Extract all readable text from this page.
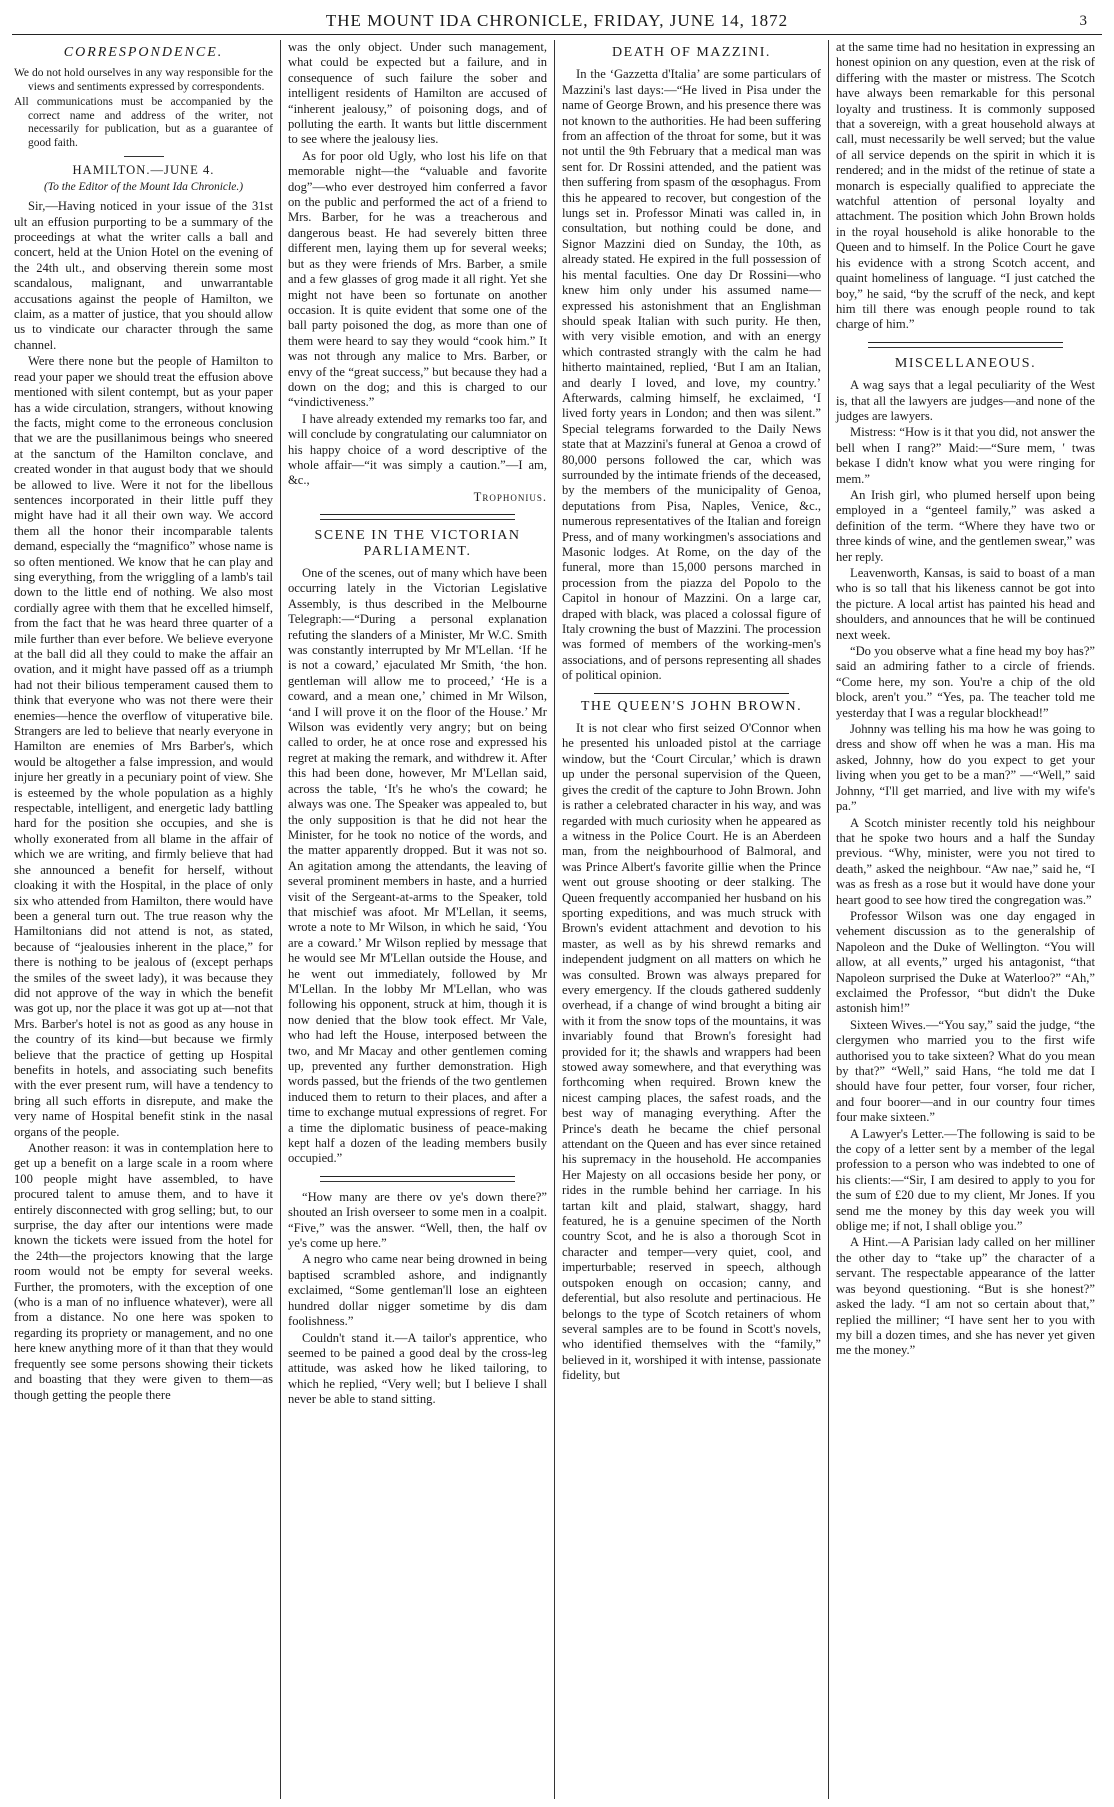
THE MOUNT IDA CHRONICLE, FRIDAY, JUNE 14, 1872	3
CORRESPONDENCE.

We do not hold ourselves in any way responsible for the views and sentiments expressed by correspondents.

All communications must be accompanied by the correct name and address of the writer, not necessarily for publication, but as a guarantee of good faith.

HAMILTON.—JUNE 4.

(To the Editor of the Mount Ida Chronicle.)

Sir,—Having noticed in your issue of the 31st ult an effusion purporting to be a summary of the proceedings at what the writer calls a ball and concert, held at the Union Hotel on the evening of the 24th ult., and observing therein some most scandalous, malignant, and unwarrantable accusations against the people of Hamilton, we claim, as a matter of justice, that you should allow us to vindicate our character through the same channel.

Were there none but the people of Hamilton to read your paper we should treat the effusion above mentioned with silent contempt, but as your paper has a wide circulation, strangers, without knowing the facts, might come to the erroneous conclusion that we are the pusillanimous beings who sneered at the sanctum of the Hamilton conclave, and created wonder in that august body that we should be allowed to live. Were it not for the libellous sentences incorporated in their little puff they might have had it all their own way. We accord them all the honor their incomparable talents demand, especially the “magnifico” whose name is so often mentioned. We know that he can play and sing everything, from the wriggling of a lamb's tail down to the little end of nothing. We also most cordially agree with them that he excelled himself, from the fact that he was heard three quarter of a mile further than ever before. We believe everyone at the ball did all they could to make the affair an ovation, and it might have passed off as a triumph had not their bilious temperament caused them to think that everyone who was not there were their enemies—hence the overflow of vituperative bile. Strangers are led to believe that nearly everyone in Hamilton are enemies of Mrs Barber's, which would be altogether a false impression, and would injure her greatly in a pecuniary point of view. She is esteemed by the whole population as a highly respectable, intelligent, and energetic lady battling hard for the position she occupies, and she is wholly exonerated from all blame in the affair of which we are writing, and firmly believe that had she announced a benefit for herself, without cloaking it with the Hospital, in the place of only six who attended from Hamilton, there would have been a general turn out. The true reason why the Hamiltonians did not attend is not, as stated, because of “jealousies inherent in the place,” for there is nothing to be jealous of (except perhaps the smiles of the sweet lady), it was because they did not approve of the way in which the benefit was got up, nor the place it was got up at—not that Mrs. Barber's hotel is not as good as any house in the country of its kind—but because we firmly believe that the practice of getting up Hospital benefits in hotels, and associating such benefits with the ever present rum, will have a tendency to bring all such efforts in disrepute, and make the very name of Hospital benefit stink in the nasal organs of the people.

Another reason: it was in contemplation here to get up a benefit on a large scale in a room where 100 people might have assembled, to have procured talent to amuse them, and to have it entirely disconnected with grog selling; but, to our surprise, the day after our intentions were made known the tickets were issued from the hotel for the 24th—the projectors knowing that the large room would not be empty for several weeks. Further, the promoters, with the exception of one (who is a man of no influence whatever), were all from a distance. No one here was spoken to regarding its propriety or management, and no one here knew anything more of it than that they would frequently see some persons showing their tickets and boasting that they were given to them—as though getting the people there

was the only object. Under such management, what could be expected but a failure, and in consequence of such failure the sober and intelligent residents of Hamilton are accused of “inherent jealousy,” of poisoning dogs, and of polluting the earth. It wants but little discernment to see where the jealousy lies.

As for poor old Ugly, who lost his life on that memorable night—the “valuable and favorite dog”—who ever destroyed him conferred a favor on the public and performed the act of a friend to Mrs. Barber, for he was a treacherous and dangerous beast. He had severely bitten three different men, laying them up for several weeks; but as they were friends of Mrs. Barber, a smile and a few glasses of grog made it all right. Yet she might not have been so fortunate on another occasion. It is quite evident that some one of the ball party poisoned the dog, as more than one of them were heard to say they would “cook him.” It was not through any malice to Mrs. Barber, or envy of the “great success,” but because they had a down on the dog; and this is charged to our “vindictiveness.”

I have already extended my remarks too far, and will conclude by congratulating our calumniator on his happy choice of a word descriptive of the whole affair—“it was simply a caution.”—I am, &c.,

Trophonius.

SCENE IN THE VICTORIAN PARLIAMENT.

One of the scenes, out of many which have been occurring lately in the Victorian Legislative Assembly, is thus described in the Melbourne Telegraph:—“During a personal explanation refuting the slanders of a Minister, Mr W.C. Smith was constantly interrupted by Mr M'Lellan. ‘If he is not a coward,’ ejaculated Mr Smith, ‘the hon. gentleman will allow me to proceed,’ ‘He is a coward, and a mean one,’ chimed in Mr Wilson, ‘and I will prove it on the floor of the House.’ Mr Wilson was evidently very angry; but on being called to order, he at once rose and expressed his regret at making the remark, and withdrew it. After this had been done, however, Mr M'Lellan said, across the table, ‘It's he who's the coward; he always was one. The Speaker was appealed to, but the only supposition is that he did not hear the Minister, for he took no notice of the words, and the matter apparently dropped. But it was not so. An agitation among the attendants, the leaving of several prominent members in haste, and a hurried visit of the Sergeant-at-arms to the Speaker, told that mischief was afoot. Mr M'Lellan, it seems, wrote a note to Mr Wilson, in which he said, ‘You are a coward.’ Mr Wilson replied by message that he would see Mr M'Lellan outside the House, and he went out immediately, followed by Mr M'Lellan. In the lobby Mr M'Lellan, who was following his opponent, struck at him, though it is now denied that the blow took effect. Mr Vale, who had left the House, interposed between the two, and Mr Macay and other gentlemen coming up, prevented any further demonstration. High words passed, but the friends of the two gentlemen induced them to return to their places, and after a time to exchange mutual expressions of regret. For a time the diplomatic business of peace-making kept half a dozen of the leading members busily occupied.”

“How many are there ov ye's down there?” shouted an Irish overseer to some men in a coalpit. “Five,” was the answer. “Well, then, the half ov ye's come up here.”

A negro who came near being drowned in being baptised scrambled ashore, and indignantly exclaimed, “Some gentleman'll lose an eighteen hundred dollar nigger sometime by dis dam foolishness.”

Couldn't stand it.—A tailor's apprentice, who seemed to be pained a good deal by the cross-leg attitude, was asked how he liked tailoring, to which he replied, “Very well; but I believe I shall never be able to stand sitting.

DEATH OF MAZZINI.

In the ‘Gazzetta d'Italia’ are some particulars of Mazzini's last days:—“He lived in Pisa under the name of George Brown, and his presence there was not known to the authorities. He had been suffering from an affection of the throat for some, but it was not until the 9th February that a medical man was sent for. Dr Rossini attended, and the patient was then suffering from spasm of the œsophagus. From this he appeared to recover, but congestion of the lungs set in. Professor Minati was called in, in consultation, but nothing could be done, and Signor Mazzini died on Sunday, the 10th, as already stated. He expired in the full possession of his mental faculties. One day Dr Rossini—who knew him only under his assumed name—expressed his astonishment that an Englishman should speak Italian with such purity. He then, with very visible emotion, and with an energy which contrasted strangly with the calm he had hitherto maintained, replied, ‘But I am an Italian, and dearly I loved, and love, my country.’ Afterwards, calming himself, he exclaimed, ‘I lived forty years in London; and then was silent.” Special telegrams forwarded to the Daily News state that at Mazzini's funeral at Genoa a crowd of 80,000 persons followed the car, which was surrounded by the intimate friends of the deceased, by the members of the municipality of Genoa, deputations from Pisa, Naples, Venice, &c., numerous representatives of the Italian and foreign Press, and of many workingmen's associations and Masonic lodges. At Rome, on the day of the funeral, more than 15,000 persons marched in procession from the piazza del Popolo to the Capitol in honour of Mazzini. On a large car, draped with black, was placed a colossal figure of Italy crowning the bust of Mazzini. The procession was formed of members of the working-men's associations, and of persons representing all shades of political opinion.

THE QUEEN'S JOHN BROWN.

It is not clear who first seized O'Connor when he presented his unloaded pistol at the carriage window, but the ‘Court Circular,’ which is drawn up under the personal supervision of the Queen, gives the credit of the capture to John Brown. John is rather a celebrated character in his way, and was regarded with much curiosity when he appeared as a witness in the Police Court. He is an Aberdeen man, from the neighbourhood of Balmoral, and was Prince Albert's favorite gillie when the Prince went out grouse shooting or deer stalking. The Queen frequently accompanied her husband on his sporting expeditions, and was much struck with Brown's evident attachment and devotion to his master, as well as by his shrewd remarks and independent judgment on all matters on which he was consulted. Brown was always prepared for every emergency. If the clouds gathered suddenly overhead, if a change of wind brought a biting air with it from the snow tops of the mountains, it was invariably found that Brown's foresight had provided for it; the shawls and wrappers had been stowed away somewhere, and that everything was forthcoming when required. Brown knew the nicest camping places, the safest roads, and the best way of managing everything. After the Prince's death he became the chief personal attendant on the Queen and has ever since retained his supremacy in the household. He accompanies Her Majesty on all occasions beside her pony, or rides in the rumble behind her carriage. In his tartan kilt and plaid, stalwart, shaggy, hard featured, he is a genuine specimen of the North country Scot, and he is also a thorough Scot in character and temper—very quiet, cool, and imperturbable; reserved in speech, although outspoken enough on occasion; canny, and deferential, but also resolute and pertinacious. He belongs to the type of Scotch retainers of whom several samples are to be found in Scott's novels, who identified themselves with the “family,” believed in it, worshiped it with intense, passionate fidelity, but

at the same time had no hesitation in expressing an honest opinion on any question, even at the risk of differing with the master or mistress. The Scotch have always been remarkable for this personal loyalty and trustiness. It is commonly supposed that a sovereign, with a great household always at call, must necessarily be well served; but the value of all service depends on the spirit in which it is rendered; and in the midst of the retinue of state a monarch is especially qualified to appreciate the watchful attention of personal loyalty and attachment. The position which John Brown holds in the royal household is alike honorable to the Queen and to himself. In the Police Court he gave his evidence with a strong Scotch accent, and quaint homeliness of language. “I just catched the boy,” he said, “by the scruff of the neck, and kept him till there was enough people round to tak charge of him.”

MISCELLANEOUS.

A wag says that a legal peculiarity of the West is, that all the lawyers are judges—and none of the judges are lawyers.

Mistress: “How is it that you did, not answer the bell when I rang?” Maid:—“Sure mem, ' twas bekase I didn't know what you were ringing for mem.”

An Irish girl, who plumed herself upon being employed in a “genteel family,” was asked a definition of the term. “Where they have two or three kinds of wine, and the gentlemen swear,” was her reply.

Leavenworth, Kansas, is said to boast of a man who is so tall that his likeness cannot be got into the picture. A local artist has painted his head and shoulders, and announces that he will be continued next week.

“Do you observe what a fine head my boy has?” said an admiring father to a circle of friends. “Come here, my son. You're a chip of the old block, aren't you.” “Yes, pa. The teacher told me yesterday that I was a regular blockhead!”

Johnny was telling his ma how he was going to dress and show off when he was a man. His ma asked, Johnny, how do you expect to get your living when you get to be a man?” —“Well,” said Johnny, “I'll get married, and live with my wife's pa.”

A Scotch minister recently told his neighbour that he spoke two hours and a half the Sunday previous. “Why, minister, were you not tired to death,” asked the neighbour. “Aw nae,” said he, “I was as fresh as a rose but it would have done your heart good to see how tired the congregation was.”

Professor Wilson was one day engaged in vehement discussion as to the generalship of Napoleon and the Duke of Wellington. “You will allow, at all events,” urged his antagonist, “that Napoleon surprised the Duke at Waterloo?” “Ah,” exclaimed the Professor, “but didn't the Duke astonish him!”

Sixteen Wives.—“You say,” said the judge, “the clergymen who married you to the first wife authorised you to take sixteen? What do you mean by that?” “Well,” said Hans, “he told me dat I should have four petter, four vorser, four richer, and four boorer—and in our country four times four make sixteen.”

A Lawyer's Letter.—The following is said to be the copy of a letter sent by a member of the legal profession to a person who was indebted to one of his clients:—“Sir, I am desired to apply to you for the sum of £20 due to my client, Mr Jones. If you send me the money by this day week you will oblige me; if not, I shall oblige you.”

A Hint.—A Parisian lady called on her milliner the other day to “take up” the character of a servant. The respectable appearance of the latter was beyond questioning. “But is she honest?” asked the lady. “I am not so certain about that,” replied the milliner; “I have sent her to you with my bill a dozen times, and she has never yet given me the money.”
